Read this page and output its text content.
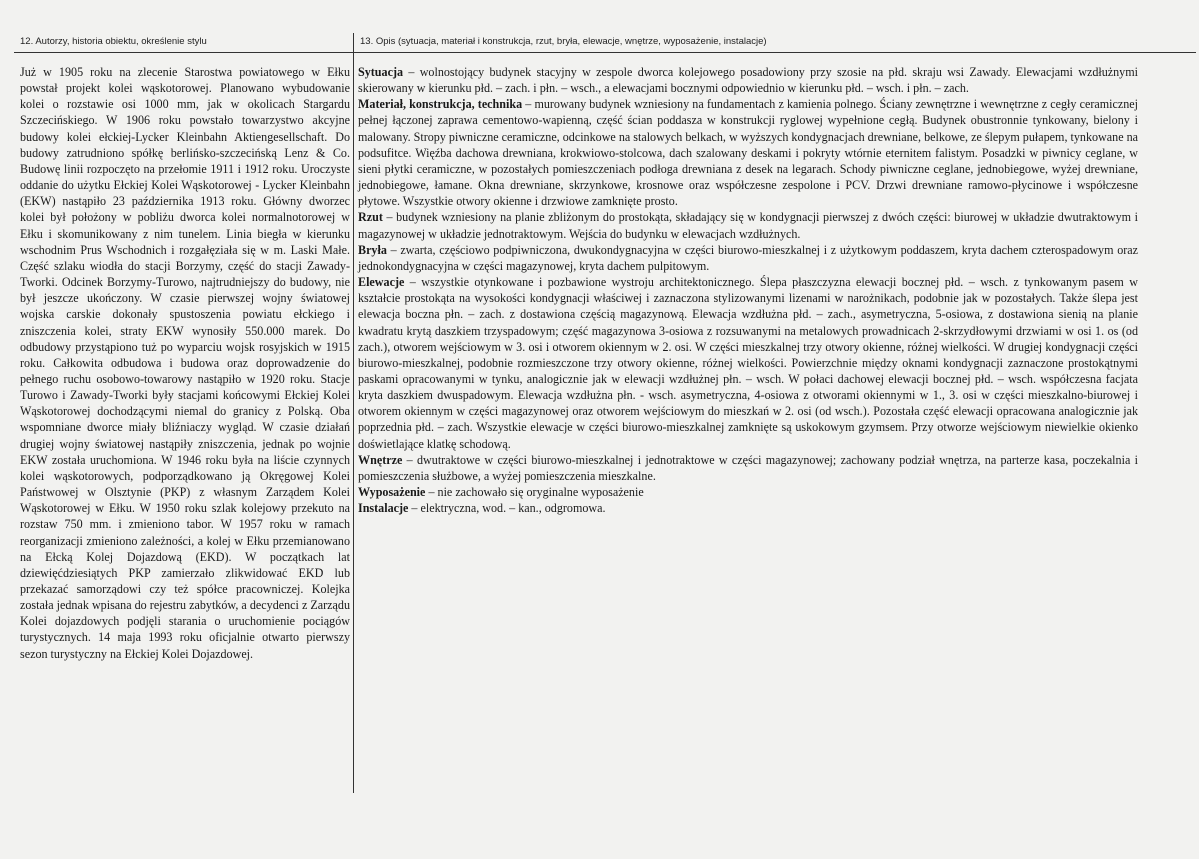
12. Autorzy, historia obiektu, określenie stylu	13. Opis (sytuacja, materiał i konstrukcja, rzut, bryła, elewacje, wnętrze, wyposażenie, instalacje)

Już w 1905 roku na zlecenie Starostwa powiatowego w Ełku powstał projekt kolei wąskotorowej. Planowano wybudowanie kolei o rozstawie osi 1000 mm, jak w okolicach Stargardu Szczecińskiego. W 1906 roku powstało towarzystwo akcyjne budowy kolei ełckiej-Lycker Kleinbahn Aktiengesellschaft. Do budowy zatrudniono spółkę berlińsko-szczecińską Lenz & Co. Budowę linii rozpoczęto na przełomie 1911 i 1912 roku. Uroczyste oddanie do użytku Ełckiej Kolei Wąskotorowej - Lycker Kleinbahn (EKW) nastąpiło 23 października 1913 roku. Główny dworzec kolei był położony w pobliżu dworca kolei normalnotorowej w Ełku i skomunikowany z nim tunelem. Linia biegła w kierunku wschodnim Prus Wschodnich i rozgałęziała się w m. Laski Małe. Część szlaku wiodła do stacji Borzymy, część do stacji Zawady-Tworki. Odcinek Borzymy-Turowo, najtrudniejszy do budowy, nie był jeszcze ukończony. W czasie pierwszej wojny światowej wojska carskie dokonały spustoszenia powiatu ełckiego i zniszczenia kolei, straty EKW wynosiły 550.000 marek. Do odbudowy przystąpiono tuż po wyparciu wojsk rosyjskich w 1915 roku. Całkowita odbudowa i budowa oraz doprowadzenie do pełnego ruchu osobowo-towarowy nastąpiło w 1920 roku. Stacje Turowo i Zawady-Tworki były stacjami końcowymi Ełckiej Kolei Wąskotorowej dochodzącymi niemal do granicy z Polską. Oba wspomniane dworce miały bliźniaczy wygląd. W czasie działań drugiej wojny światowej nastąpiły zniszczenia, jednak po wojnie EKW została uruchomiona. W 1946 roku była na liście czynnych kolei wąskotorowych, podporządkowano ją Okręgowej Kolei Państwowej w Olsztynie (PKP) z własnym Zarządem Kolei Wąskotorowej w Ełku. W 1950 roku szlak kolejowy przekuto na rozstaw 750 mm. i zmieniono tabor. W 1957 roku w ramach reorganizacji zmieniono zależności, a kolej w Ełku przemianowano na Ełcką Kolej Dojazdową (EKD). W początkach lat dziewięćdziesiątych PKP zamierzało zlikwidować EKD lub przekazać samorządowi czy też spółce pracowniczej. Kolejka została jednak wpisana do rejestru zabytków, a decydenci z Zarządu Kolei dojazdowych podjęli starania o uruchomienie pociągów turystycznych. 14 maja 1993 roku oficjalnie otwarto pierwszy sezon turystyczny na Ełckiej Kolei Dojazdowej.

Sytuacja – wolnostojący budynek stacyjny w zespole dworca kolejowego posadowiony przy szosie na płd. skraju wsi Zawady. Elewacjami wzdłużnymi skierowany w kierunku płd. – zach. i płn. – wsch., a elewacjami bocznymi odpowiednio w kierunku płd. – wsch. i płn. – zach.

Materiał, konstrukcja, technika – murowany budynek wzniesiony na fundamentach z kamienia polnego. Ściany zewnętrzne i wewnętrzne z cegły ceramicznej pełnej łączonej zaprawa cementowo-wapienną, część ścian poddasza w konstrukcji ryglowej wypełnione cegłą. Budynek obustronnie tynkowany, bielony i malowany. Stropy piwniczne ceramiczne, odcinkowe na stalowych belkach, w wyższych kondygnacjach drewniane, belkowe, ze ślepym pułapem, tynkowane na podsufitce. Więźba dachowa drewniana, krokwiowo-stolcowa, dach szalowany deskami i pokryty wtórnie eternitem falistym. Posadzki w piwnicy ceglane, w sieni płytki ceramiczne, w pozostałych pomieszczeniach podłoga drewniana z desek na legarach. Schody piwniczne ceglane, jednobiegowe, wyżej drewniane, jednobiegowe, łamane. Okna drewniane, skrzynkowe, krosnowe oraz współczesne zespolone i PCV. Drzwi drewniane ramowo-płycinowe i współczesne płytowe. Wszystkie otwory okienne i drzwiowe zamknięte prosto.

Rzut – budynek wzniesiony na planie zbliżonym do prostokąta, składający się w kondygnacji pierwszej z dwóch części: biurowej w układzie dwutraktowym i magazynowej w układzie jednotraktowym. Wejścia do budynku w elewacjach wzdłużnych.

Bryła – zwarta, częściowo podpiwniczona, dwukondygnacyjna w części biurowo-mieszkalnej i z użytkowym poddaszem, kryta dachem czterospadowym oraz jednokondygnacyjna w części magazynowej, kryta dachem pulpitowym.

Elewacje – wszystkie otynkowane i pozbawione wystroju architektonicznego. Ślepa płaszczyzna elewacji bocznej płd. – wsch. z tynkowanym pasem w kształcie prostokąta na wysokości kondygnacji właściwej i zaznaczona stylizowanymi lizenami w narożnikach, podobnie jak w pozostałych. Także ślepa jest elewacja boczna płn. – zach. z dostawiona częścią magazynową. Elewacja wzdłużna płd. – zach., asymetryczna, 5-osiowa, z dostawiona sienią na planie kwadratu krytą daszkiem trzyspadowym; część magazynowa 3-osiowa z rozsuwanymi na metalowych prowadnicach 2-skrzydłowymi drzwiami w osi 1. os (od zach.), otworem wejściowym w 3. osi i otworem okiennym w 2. osi. W części mieszkalnej trzy otwory okienne, różnej wielkości. W drugiej kondygnacji części biurowo-mieszkalnej, podobnie rozmieszczone trzy otwory okienne, różnej wielkości. Powierzchnie między oknami kondygnacji zaznaczone prostokątnymi paskami opracowanymi w tynku, analogicznie jak w elewacji wzdłużnej płn. – wsch. W połaci dachowej elewacji bocznej płd. – wsch. współczesna facjata kryta daszkiem dwuspadowym. Elewacja wzdłużna płn. - wsch. asymetryczna, 4-osiowa z otworami okiennymi w 1., 3. osi w części mieszkalno-biurowej i otworem okiennym w części magazynowej oraz otworem wejściowym do mieszkań w 2. osi (od wsch.). Pozostała część elewacji opracowana analogicznie jak poprzednia płd. – zach. Wszystkie elewacje w części biurowo-mieszkalnej zamknięte są uskokowym gzymsem. Przy otworze wejściowym niewielkie okienko doświetlające klatkę schodową.

Wnętrze – dwutraktowe w części biurowo-mieszkalnej i jednotraktowe w części magazynowej; zachowany podział wnętrza, na parterze kasa, poczekalnia i pomieszczenia służbowe, a wyżej pomieszczenia mieszkalne.

Wyposażenie – nie zachowało się oryginalne wyposażenie

Instalacje – elektryczna, wod. – kan., odgromowa.
